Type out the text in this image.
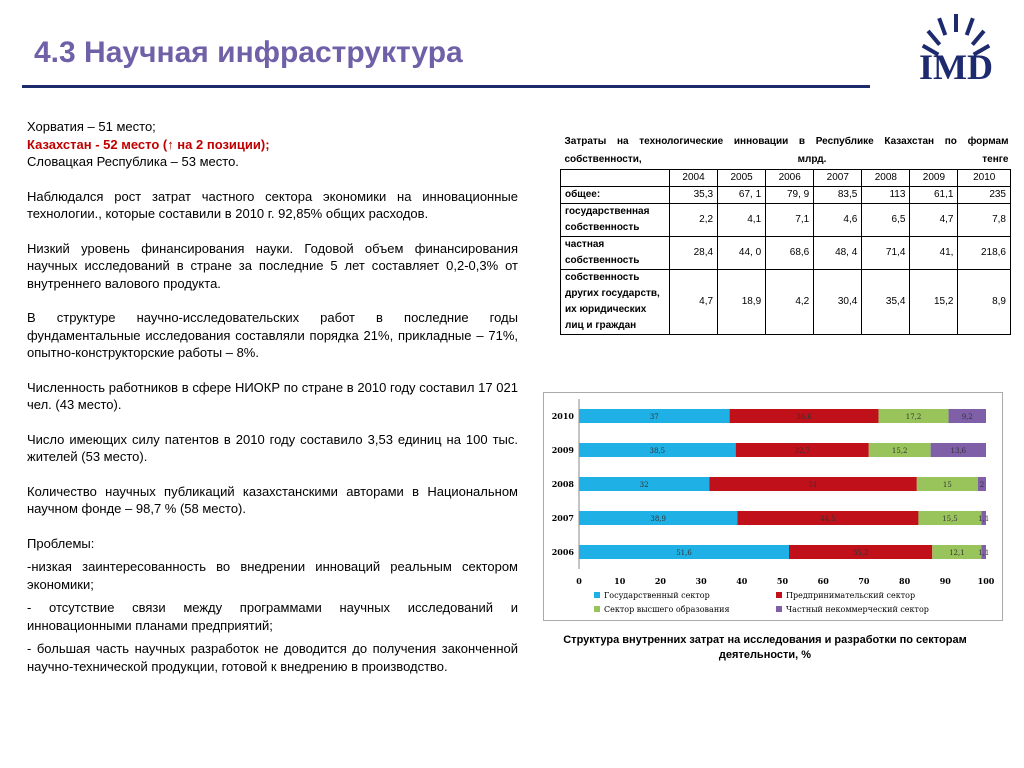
4.3 Научная инфраструктура	IMD

Хорватия – 51 место;

Казахстан - 52 место (↑ на 2 позиции);

Словацкая Республика – 53 место.

Наблюдался рост затрат частного сектора экономики на инновационные технологии., которые составили в 2010 г. 92,85% общих расходов.

Низкий уровень финансирования науки. Годовой объем финансирования научных исследований в стране за последние 5 лет составляет 0,2-0,3% от внутреннего валового продукта.

В структуре научно-исследовательских работ в последние годы фундаментальные исследования составляли порядка 21%, прикладные – 71%, опытно-конструкторские работы – 8%.

Численность работников в сфере НИОКР по стране в 2010 году составил 17 021 чел. (43 место).

Число имеющих силу патентов в 2010 году составило 3,53 единиц на 100 тыс. жителей (53 место).

Количество научных публикаций казахстанскими авторами в Национальном научном фонде – 98,7 % (58 место).

Проблемы:

-низкая заинтересованность во внедрении инноваций реальным сектором экономики;

- отсутствие связи между программами научных исследований и инновационными планами предприятий;

- большая часть научных разработок не доводится до получения законченной научно-технической продукции, готовой к внедрению в производство.

Затраты на технологические инновации в Республике Казахстан по формам собственности, млрд. тенге							
	2004	2005	2006	2007	2008	2009	2010
общее:	35,3	67, 1	79, 9	83,5	113	61,1	235
государственная собственность	2,2	4,1	7,1	4,6	6,5	4,7	7,8
частная собственность	28,4	44, 0	68,6	48, 4	71,4	41,	218,6
собственность других государств, их юридических лиц и граждан	4,7	18,9	4,2	30,4	35,4	15,2	8,9
2010	37	36,6	17,2	9,2
2009	38,5	32,7	15,2	13,6
2008	32	51	15	2
2007	38,9	44,5	15,5	1,1
2006	51,6	35,2	12,1 1,1
0	10	20	30	40	50	60	70	80	90	100
Государственный сектор	Предпринимательский сектор
Сектор высшего образования	Частный некоммерческий сектор
Структура внутренних затрат на исследования и разработки по секторам деятельности, %
